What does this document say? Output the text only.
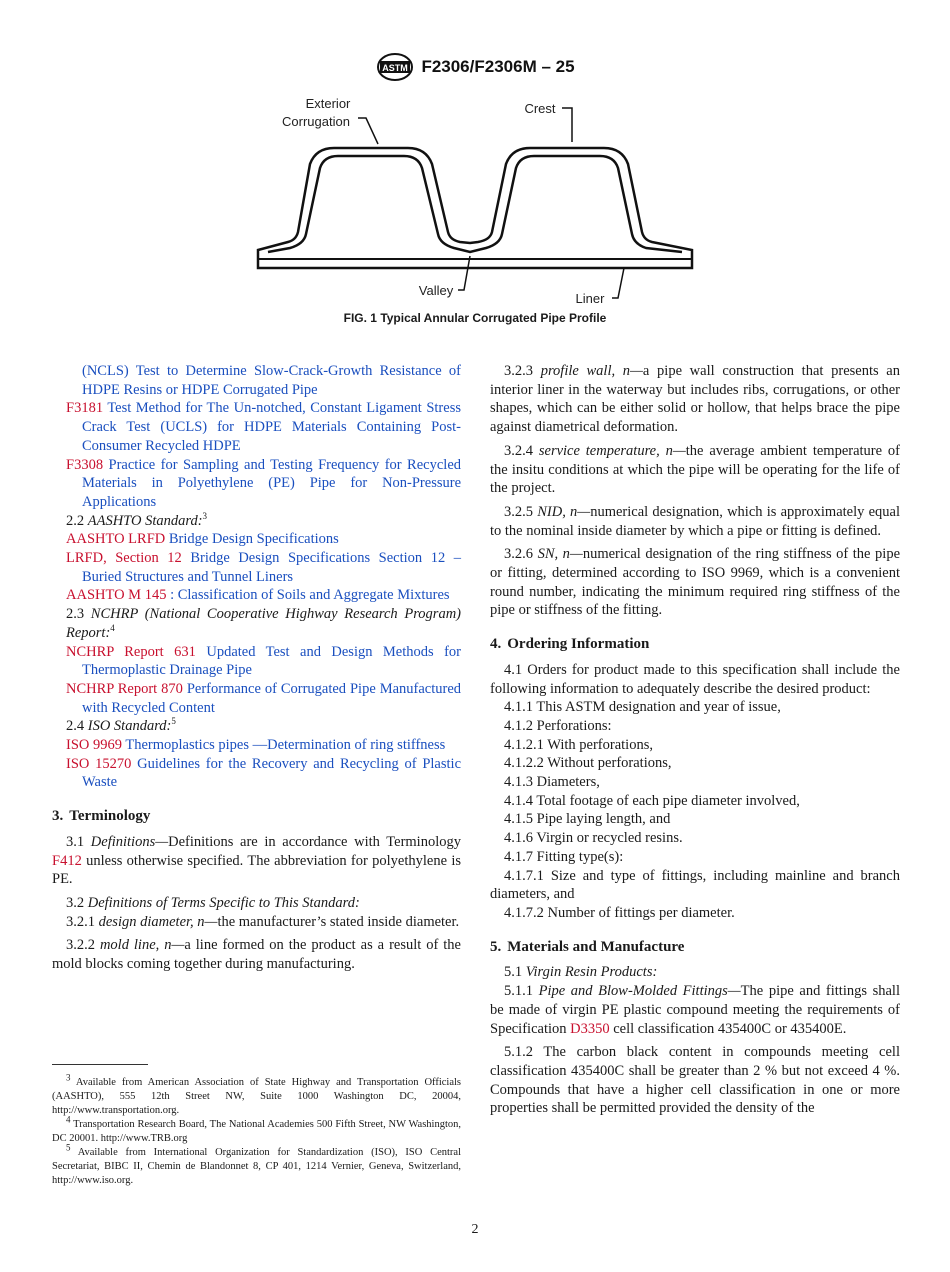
ASTM F2306/F2306M – 25
Exterior
Corrugation
Crest
Valley
Liner
FIG. 1 Typical Annular Corrugated Pipe Profile

(NCLS) Test to Determine Slow-Crack-Growth Resistance of HDPE Resins or HDPE Corrugated Pipe

F3181 Test Method for The Un-notched, Constant Ligament Stress Crack Test (UCLS) for HDPE Materials Containing Post- Consumer Recycled HDPE

F3308 Practice for Sampling and Testing Frequency for Recycled Materials in Polyethylene (PE) Pipe for Non-Pressure Applications

2.2 AASHTO Standard:$^3$

AASHTO LRFD Bridge Design Specifications

LRFD, Section 12 Bridge Design Specifications Section 12 – Buried Structures and Tunnel Liners

AASHTO M 145 : Classification of Soils and Aggregate Mixtures

2.3 NCHRP (National Cooperative Highway Research Program) Report:$^4$

NCHRP Report 631 Updated Test and Design Methods for Thermoplastic Drainage Pipe

NCHRP Report 870 Performance of Corrugated Pipe Manufactured with Recycled Content

2.4 ISO Standard:$^5$

ISO 9969 Thermoplastics pipes —Determination of ring stiffness

ISO 15270 Guidelines for the Recovery and Recycling of Plastic Waste

3. Terminology

3.1 Definitions—Definitions are in accordance with Terminology F412 unless otherwise specified. The abbreviation for polyethylene is PE.

3.2 Definitions of Terms Specific to This Standard:

3.2.1 design diameter, n—the manufacturer’s stated inside diameter.

3.2.2 mold line, n—a line formed on the product as a result of the mold blocks coming together during manufacturing.

$^3$ Available from American Association of State Highway and Transportation Officials (AASHTO), 555 12th Street NW, Suite 1000 Washington DC, 20004, http://www.transportation.org.

$^4$ Transportation Research Board, The National Academies 500 Fifth Street, NW Washington, DC 20001. http://www.TRB.org

$^5$ Available from International Organization for Standardization (ISO), ISO Central Secretariat, BIBC II, Chemin de Blandonnet 8, CP 401, 1214 Vernier, Geneva, Switzerland, http://www.iso.org.

3.2.3 profile wall, n—a pipe wall construction that presents an interior liner in the waterway but includes ribs, corrugations, or other shapes, which can be either solid or hollow, that helps brace the pipe against diametrical deformation.

3.2.4 service temperature, n—the average ambient temperature of the insitu conditions at which the pipe will be operating for the life of the project.

3.2.5 NID, n—numerical designation, which is approximately equal to the nominal inside diameter by which a pipe or fitting is defined.

3.2.6 SN, n—numerical designation of the ring stiffness of the pipe or fitting, determined according to ISO 9969, which is a convenient round number, indicating the minimum required ring stiffness of the pipe or stiffness of the fitting.

4. Ordering Information

4.1 Orders for product made to this specification shall include the following information to adequately describe the desired product:

4.1.1 This ASTM designation and year of issue,

4.1.2 Perforations:

4.1.2.1 With perforations,

4.1.2.2 Without perforations,

4.1.3 Diameters,

4.1.4 Total footage of each pipe diameter involved,

4.1.5 Pipe laying length, and

4.1.6 Virgin or recycled resins.

4.1.7 Fitting type(s):

4.1.7.1 Size and type of fittings, including mainline and branch diameters, and

4.1.7.2 Number of fittings per diameter.

5. Materials and Manufacture

5.1 Virgin Resin Products:

5.1.1 Pipe and Blow-Molded Fittings—The pipe and fittings shall be made of virgin PE plastic compound meeting the requirements of Specification D3350 cell classification 435400C or 435400E.

5.1.2 The carbon black content in compounds meeting cell classification 435400C shall be greater than 2 % but not exceed 4 %. Compounds that have a higher cell classification in one or more properties shall be permitted provided the density of the

2
